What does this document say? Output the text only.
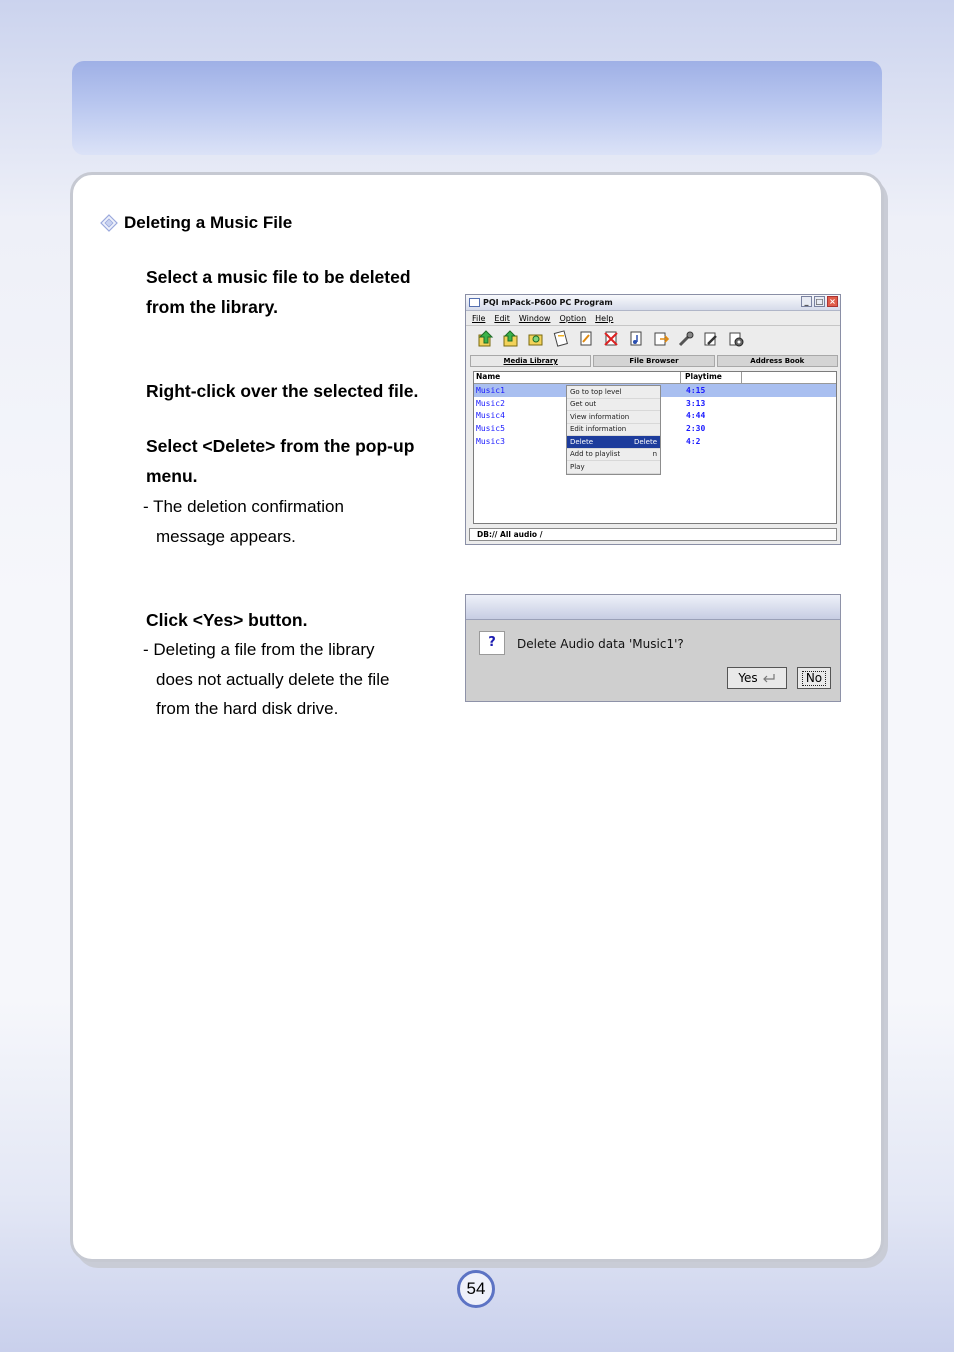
Deleting a Music File
Select a music file to be deleted
from the library.
Right-click over the selected file.
Select <Delete> from the pop-up
menu.
- The deletion confirmation
message appears.
Click <Yes> button.
- Deleting a file from the library
does not actually delete the file
from the hard disk drive.
PQI mPack-P600 PC Program	_ □ ×
File Edit Window Option Help
Media Library	File Browser	Address Book
Name	Playtime
Music1	4:15
Music2	3:13
Music4	4:44
Music5	2:30
Music3	4:2
Go to top level
Get out
View information
Edit information
Delete	Delete
Add to playlist	n
Play
DB:// All audio /
?	Delete Audio data 'Music1'?
Yes	No
54
